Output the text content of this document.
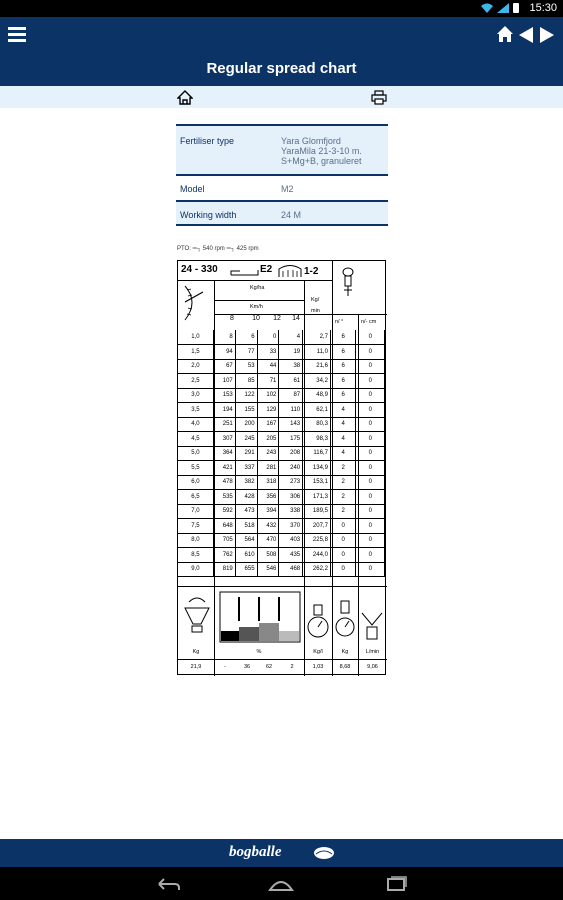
15:30
Regular spread chart
Fertiliser type	Yara Glomfjord
YaraMila 21-3-10 m.
S+Mg+B, granuleret
Model	M2
Working width	24 M
PTO: ═┐ 540 rpm ═┐ 425 rpm
24 - 330	E2	1-2
Kg/ha
Km/h
Kg/
min
n/ °	n/- cm
8	10	12	14
1,0	8	6	0	4	2,7	6	0
1,5	94	77	33	19	11,0	6	0
2,0	67	53	44	38	21,6	6	0
2,5	107	85	71	61	34,2	6	0
3,0	153	122	102	87	48,9	6	0
3,5	194	155	129	110	62,1	4	0
4,0	251	200	167	143	80,3	4	0
4,5	307	245	205	175	98,3	4	0
5,0	364	291	243	208	116,7	4	0
5,5	421	337	281	240	134,9	2	0
6,0	478	382	318	273	153,1	2	0
6,5	535	428	356	306	171,3	2	0
7,0	592	473	394	338	189,5	2	0
7,5	648	518	432	370	207,7	0	0
8,0	705	564	470	403	225,8	0	0
8,5	762	610	508	435	244,0	0	0
9,0	819	655	546	468	262,2	0	0
Kg	%	Kg/l	Kg	L/min
21,9	-	36	62	2	1,03	8,68	9,06
bogballe
